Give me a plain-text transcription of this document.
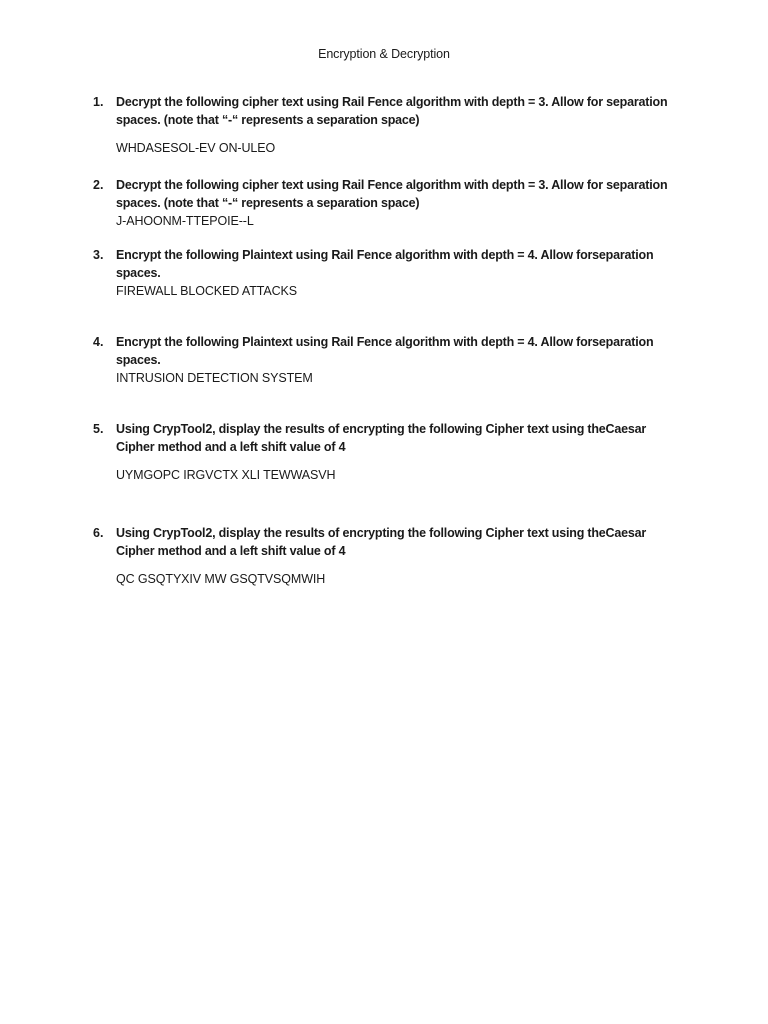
Encryption & Decryption
1.	Decrypt the following cipher text using Rail Fence algorithm with depth = 3. Allow for separation spaces. (note that “-“ represents a separation space)

WHDASESOL-EV ON-ULEO

2.	Decrypt the following cipher text using Rail Fence algorithm with depth = 3. Allow for separation spaces. (note that “-“ represents a separation space)

J-AHOONM-TTEPOIE--L

3.	Encrypt the following Plaintext using Rail Fence algorithm with depth = 4. Allow forseparation spaces.

FIREWALL BLOCKED ATTACKS

4.	Encrypt the following Plaintext using Rail Fence algorithm with depth = 4. Allow forseparation spaces.

INTRUSION DETECTION SYSTEM

5.	Using CrypTool2, display the results of encrypting the following Cipher text using theCaesar Cipher method and a left shift value of 4

UYMGOPC IRGVCTX XLI TEWWASVH

6.	Using CrypTool2, display the results of encrypting the following Cipher text using theCaesar Cipher method and a left shift value of 4

QC GSQTYXIV MW GSQTVSQMWIH
